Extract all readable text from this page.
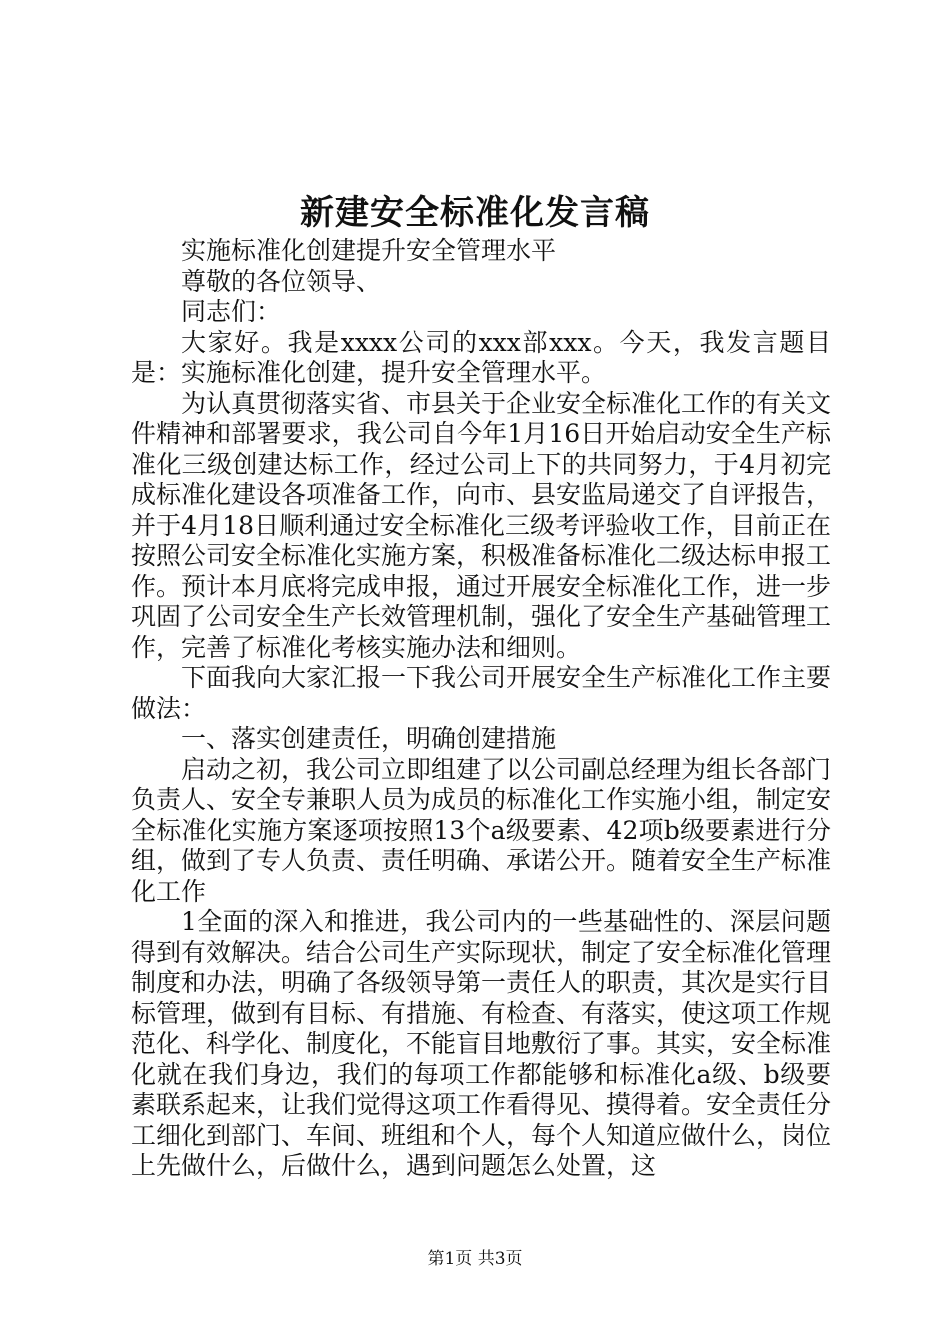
新建安全标准化发言稿

实施标准化创建提升安全管理水平

尊敬的各位领导、

同志们：

大家好。我是xxxx公司的xxx部xxx。今天，我发言题目是：实施标准化创建，提升安全管理水平。

为认真贯彻落实省、市县关于企业安全标准化工作的有关文件精神和部署要求，我公司自今年1月16日开始启动安全生产标准化三级创建达标工作，经过公司上下的共同努力，于4月初完成标准化建设各项准备工作，向市、县安监局递交了自评报告，并于4月18日顺利通过安全标准化三级考评验收工作，目前正在按照公司安全标准化实施方案，积极准备标准化二级达标申报工作。预计本月底将完成申报，通过开展安全标准化工作，进一步巩固了公司安全生产长效管理机制，强化了安全生产基础管理工作，完善了标准化考核实施办法和细则。

下面我向大家汇报一下我公司开展安全生产标准化工作主要做法：

一、落实创建责任，明确创建措施

启动之初，我公司立即组建了以公司副总经理为组长各部门负责人、安全专兼职人员为成员的标准化工作实施小组，制定安全标准化实施方案逐项按照13个a级要素、42项b级要素进行分组，做到了专人负责、责任明确、承诺公开。随着安全生产标准化工作

1全面的深入和推进，我公司内的一些基础性的、深层问题得到有效解决。结合公司生产实际现状，制定了安全标准化管理制度和办法，明确了各级领导第一责任人的职责，其次是实行目标管理，做到有目标、有措施、有检查、有落实，使这项工作规范化、科学化、制度化，不能盲目地敷衍了事。其实，安全标准化就在我们身边，我们的每项工作都能够和标准化a级、b级要素联系起来，让我们觉得这项工作看得见、摸得着。安全责任分工细化到部门、车间、班组和个人，每个人知道应做什么，岗位上先做什么，后做什么，遇到问题怎么处置，这

第1页 共3页
